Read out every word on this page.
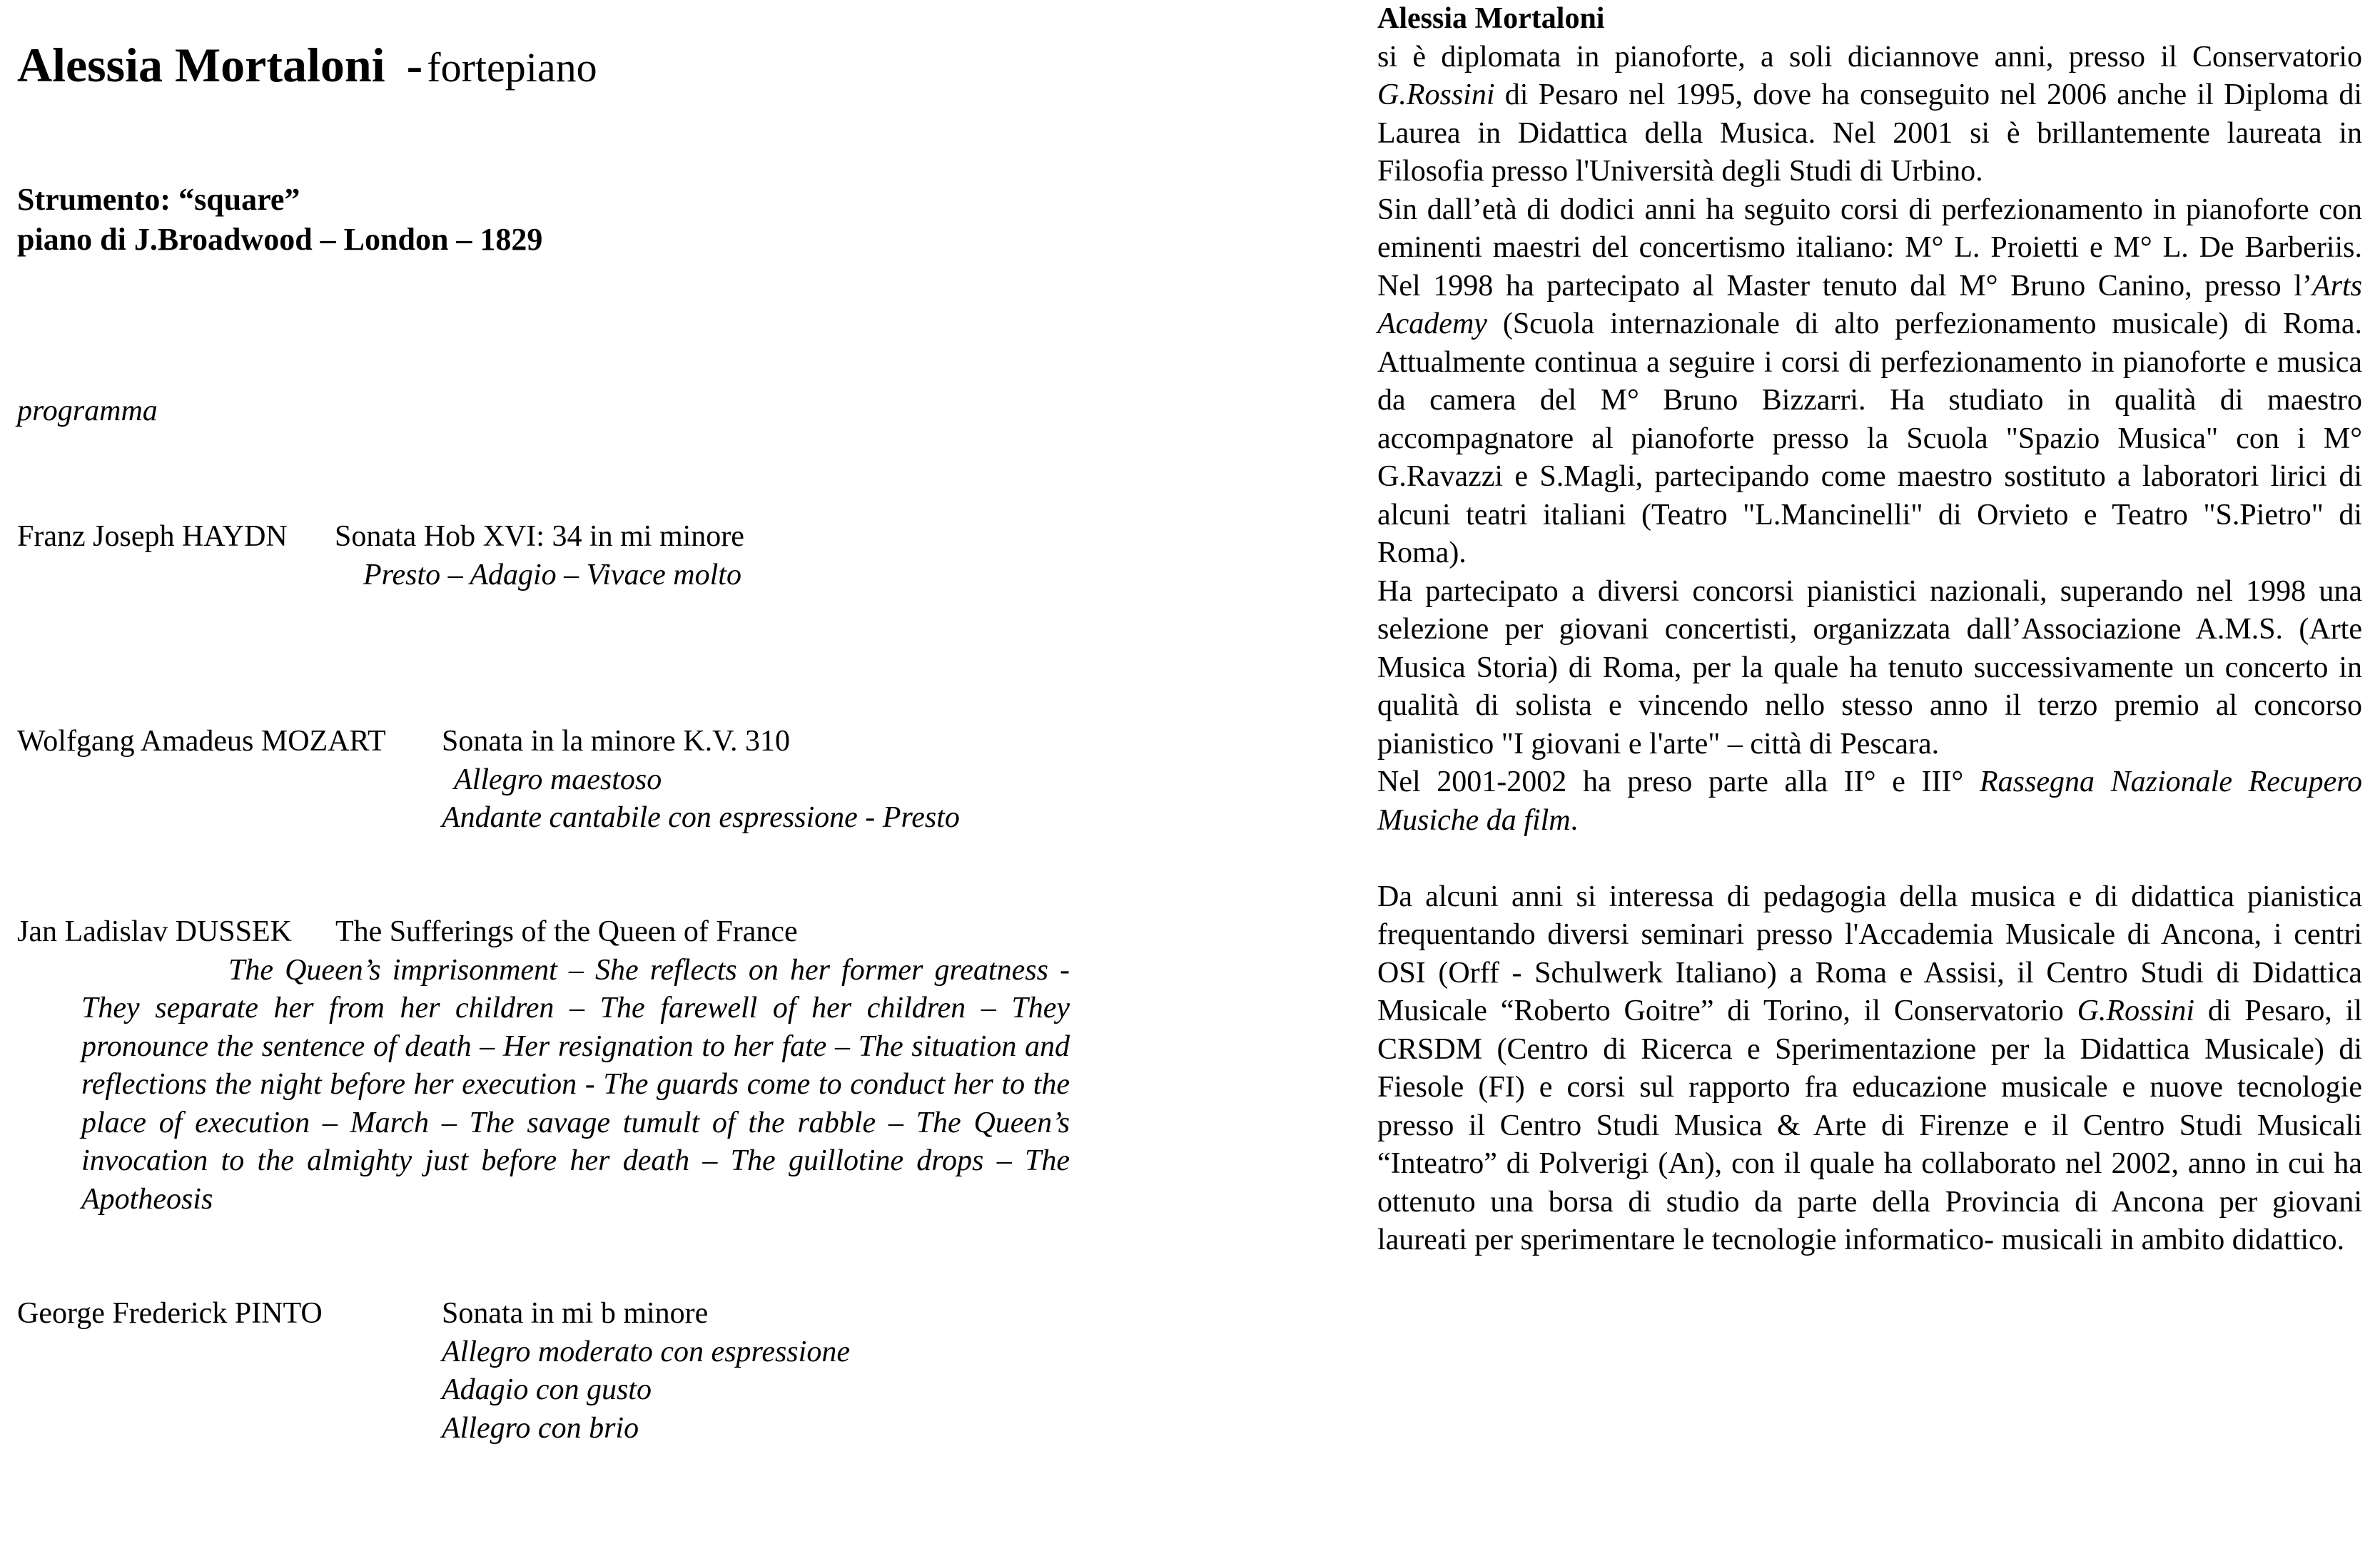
Alessia Mortaloni - fortepiano
Strumento: “square”
piano di J.Broadwood – London – 1829
programma
Franz Joseph HAYDN Sonata Hob XVI: 34 in mi minore
Presto – Adagio – Vivace molto
Wolfgang Amadeus MOZART Sonata in la minore K.V. 310
Allegro maestoso
Andante cantabile con espressione - Presto
Jan Ladislav DUSSEK The Sufferings of the Queen of France
The Queen’s imprisonment – She reflects on her former greatness - They separate her from her children – The farewell of her children – They pronounce the sentence of death – Her resignation to her fate – The situation and reflections the night before her execution - The guards come to conduct her to the place of execution – March – The savage tumult of the rabble – The Queen’s invocation to the almighty just before her death – The guillotine drops – The Apotheosis
George Frederick PINTO	Sonata in mi b minore
Allegro moderato con espressione
Adagio con gusto
Allegro con brio
Alessia Mortaloni

si è diplomata in pianoforte, a soli diciannove anni, presso il Conservatorio G.Rossini di Pesaro nel 1995, dove ha conseguito nel 2006 anche il Diploma di Laurea in Didattica della Musica. Nel 2001 si è brillantemente laureata in Filosofia presso l'Università degli Studi di Urbino.

Sin dall’età di dodici anni ha seguito corsi di perfezionamento in pianoforte con eminenti maestri del concertismo italiano: M° L. Proietti e M° L. De Barberiis. Nel 1998 ha partecipato al Master tenuto dal M° Bruno Canino, presso l’Arts Academy (Scuola internazionale di alto perfezionamento musicale) di Roma. Attualmente continua a seguire i corsi di perfezionamento in pianoforte e musica da camera del M° Bruno Bizzarri. Ha studiato in qualità di maestro accompagnatore al pianoforte presso la Scuola "Spazio Musica" con i M° G.Ravazzi e S.Magli, partecipando come maestro sostituto a laboratori lirici di alcuni teatri italiani (Teatro "L.Mancinelli" di Orvieto e Teatro "S.Pietro" di Roma).

Ha partecipato a diversi concorsi pianistici nazionali, superando nel 1998 una selezione per giovani concertisti, organizzata dall’Associazione A.M.S. (Arte Musica Storia) di Roma, per la quale ha tenuto successivamente un concerto in qualità di solista e vincendo nello stesso anno il terzo premio al concorso pianistico "I giovani e l'arte" – città di Pescara.

Nel 2001-2002 ha preso parte alla II° e III° Rassegna Nazionale Recupero Musiche da film.

Da alcuni anni si interessa di pedagogia della musica e di didattica pianistica frequentando diversi seminari presso l'Accademia Musicale di Ancona, i centri OSI (Orff - Schulwerk Italiano) a Roma e Assisi, il Centro Studi di Didattica Musicale “Roberto Goitre” di Torino, il Conservatorio G.Rossini di Pesaro, il CRSDM (Centro di Ricerca e Sperimentazione per la Didattica Musicale) di Fiesole (FI) e corsi sul rapporto fra educazione musicale e nuove tecnologie presso il Centro Studi Musica & Arte di Firenze e il Centro Studi Musicali “Inteatro” di Polverigi (An), con il quale ha collaborato nel 2002, anno in cui ha ottenuto una borsa di studio da parte della Provincia di Ancona per giovani laureati per sperimentare le tecnologie informatico- musicali in ambito didattico.
